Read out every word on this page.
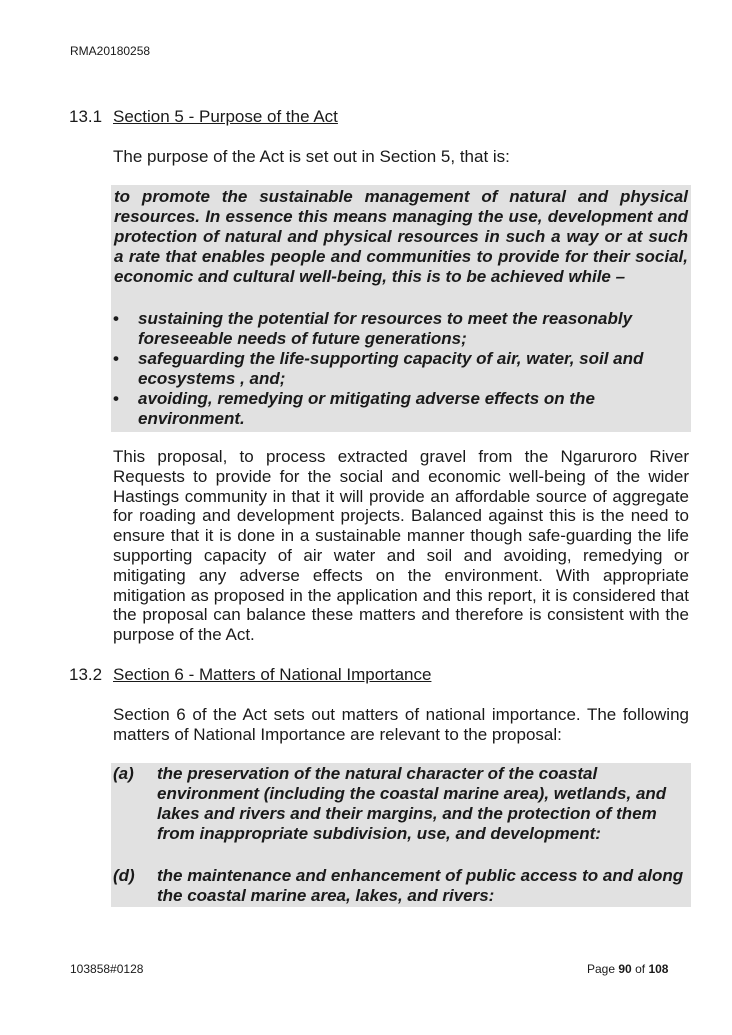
RMA20180258
13.1 Section 5 - Purpose of the Act
The purpose of the Act is set out in Section 5, that is:
to promote the sustainable management of natural and physical resources. In essence this means managing the use, development and protection of natural and physical resources in such a way or at such a rate that enables people and communities to provide for their social, economic and cultural well-being, this is to be achieved while –
• sustaining the potential for resources to meet the reasonably foreseeable needs of future generations;
• safeguarding the life-supporting capacity of air, water, soil and ecosystems , and;
• avoiding, remedying or mitigating adverse effects on the environment.
This proposal, to process extracted gravel from the Ngaruroro River Requests to provide for the social and economic well-being of the wider Hastings community in that it will provide an affordable source of aggregate for roading and development projects. Balanced against this is the need to ensure that it is done in a sustainable manner though safe-guarding the life supporting capacity of air water and soil and avoiding, remedying or mitigating any adverse effects on the environment. With appropriate mitigation as proposed in the application and this report, it is considered that the proposal can balance these matters and therefore is consistent with the purpose of the Act.
13.2 Section 6 - Matters of National Importance
Section 6 of the Act sets out matters of national importance. The following matters of National Importance are relevant to the proposal:
(a)	the preservation of the natural character of the coastal environment (including the coastal marine area), wetlands, and lakes and rivers and their margins, and the protection of them from inappropriate subdivision, use, and development:
(d)	the maintenance and enhancement of public access to and along the coastal marine area, lakes, and rivers:
103858#0128	Page 90 of 108
